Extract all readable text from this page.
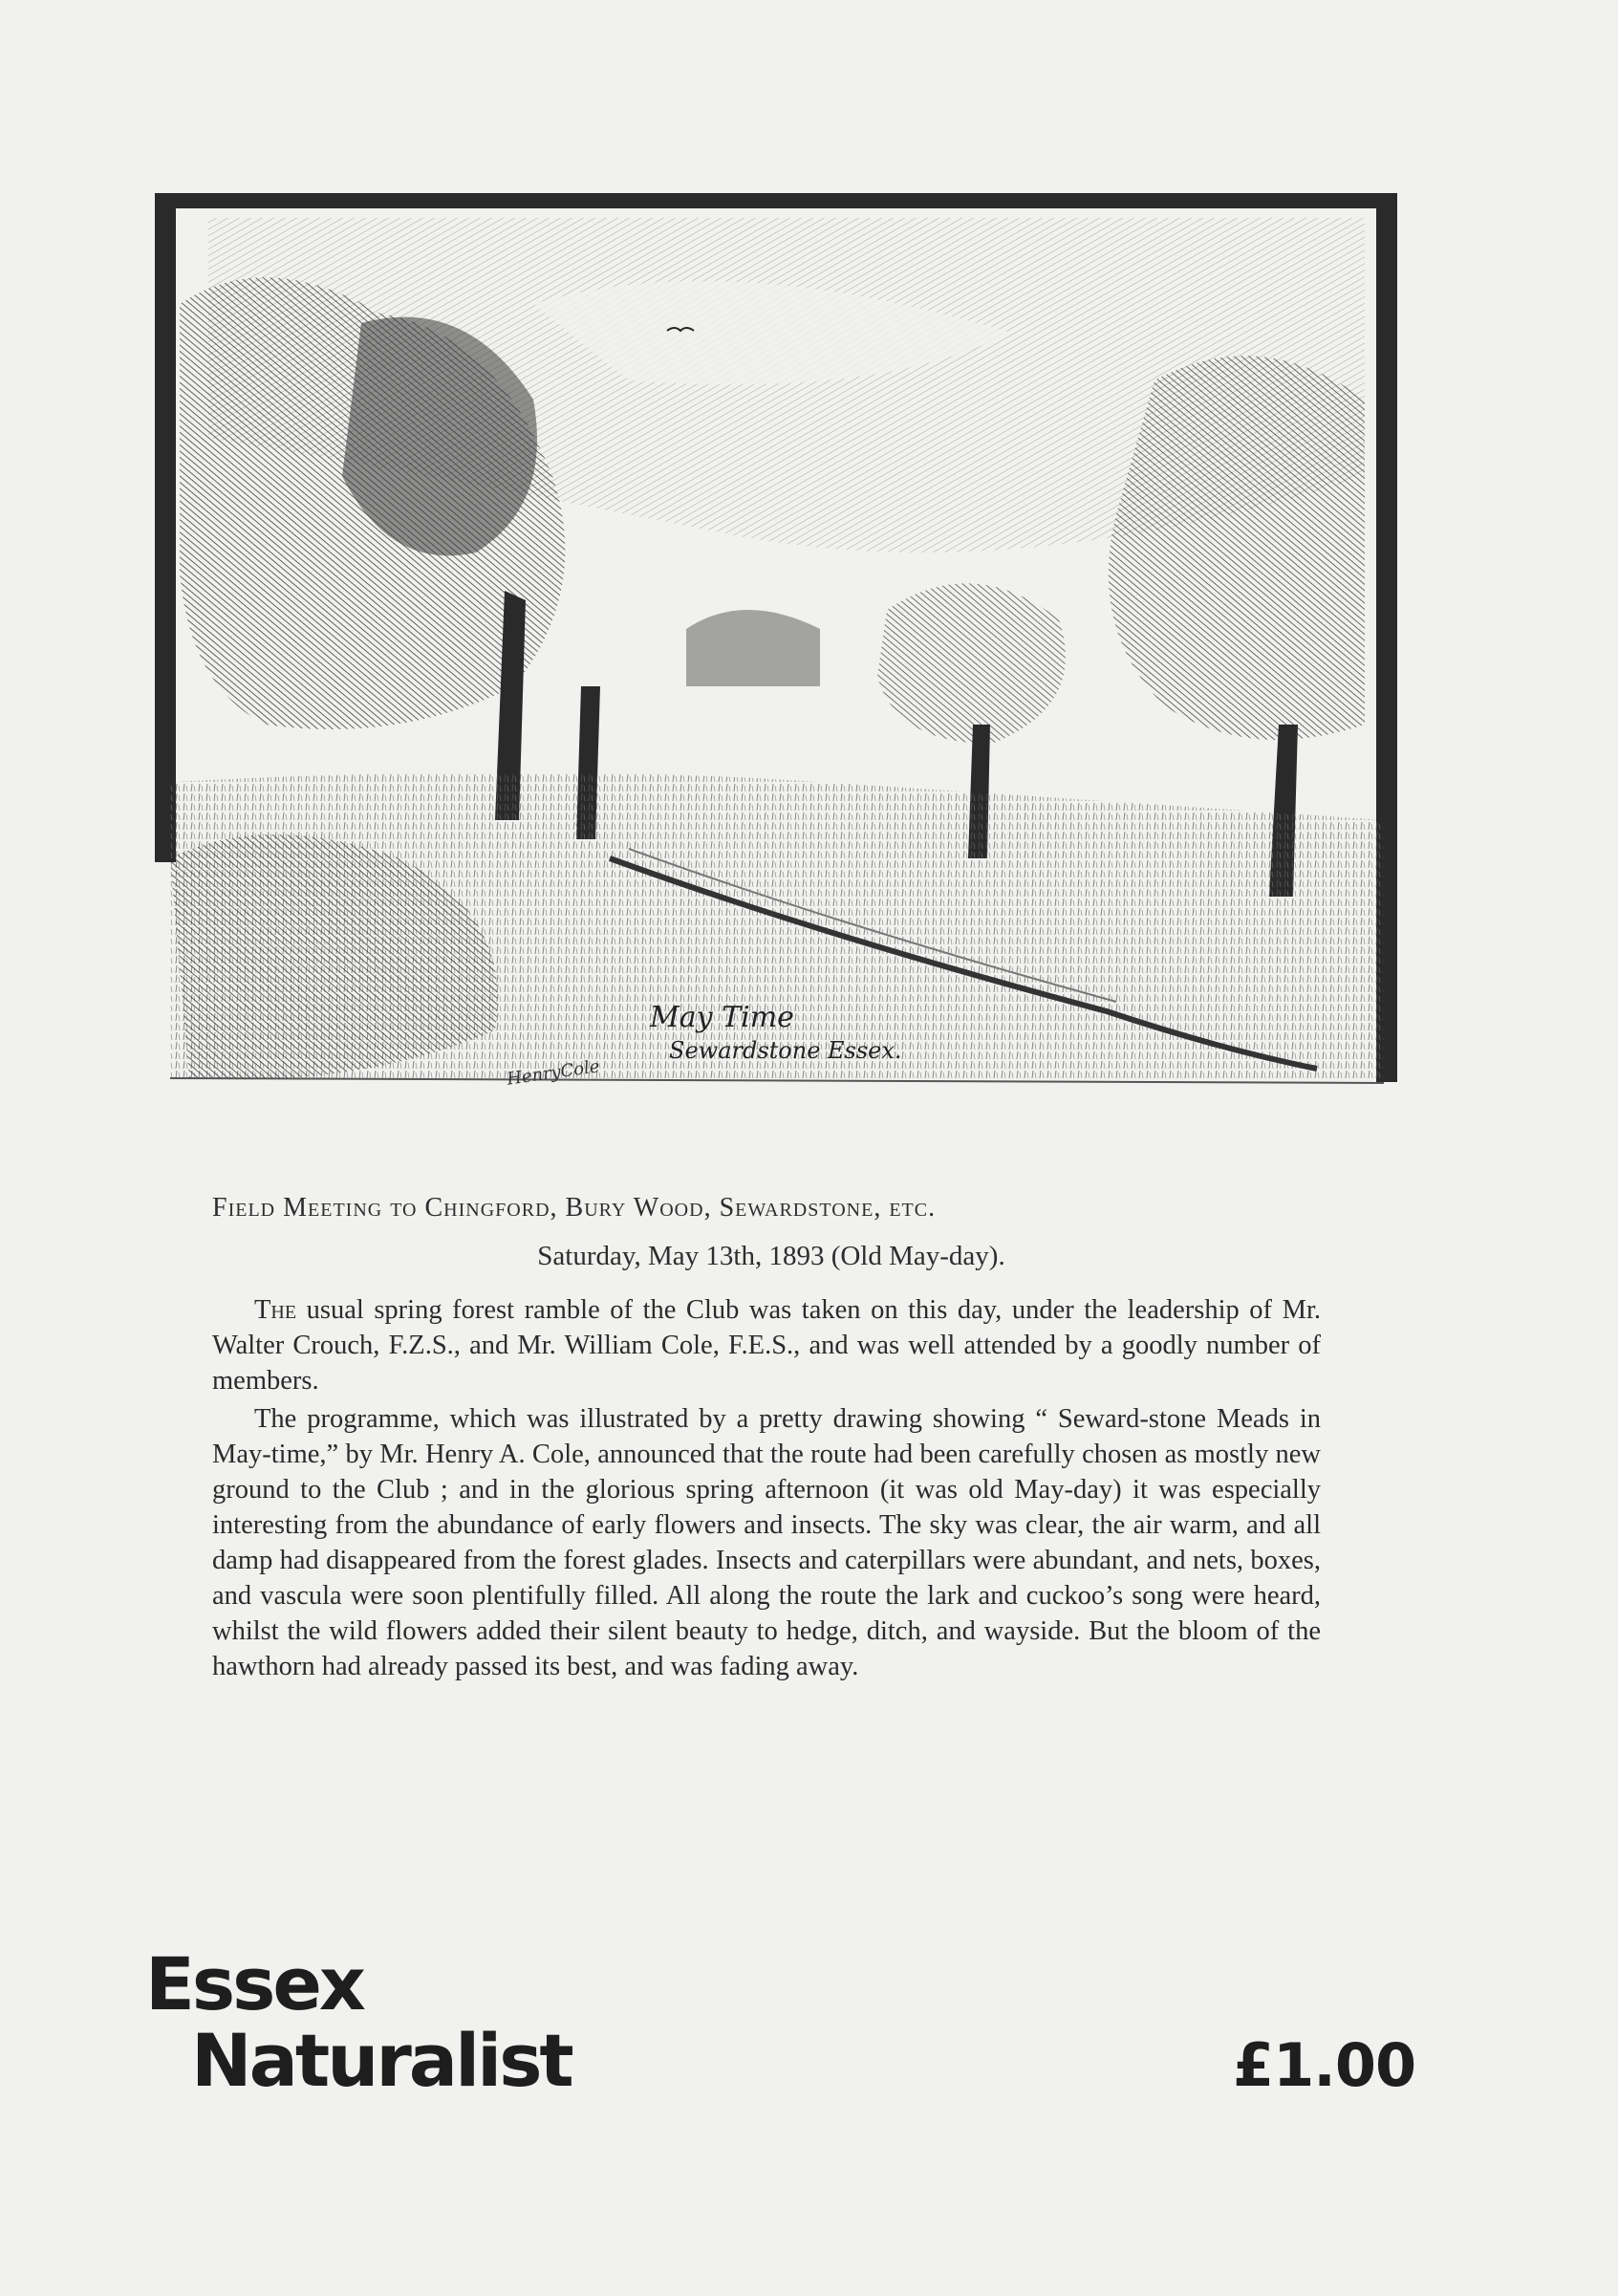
May Time
Sewardstone Essex.
HenryCole
Field Meeting to Chingford, Bury Wood, Sewardstone, etc.
Saturday, May 13th, 1893 (Old May-day).

The usual spring forest ramble of the Club was taken on this day, under the leadership of Mr. Walter Crouch, F.Z.S., and Mr. William Cole, F.E.S., and was well attended by a goodly number of members.

The programme, which was illustrated by a pretty drawing showing “ Seward-stone Meads in May-time,” by Mr. Henry A. Cole, announced that the route had been carefully chosen as mostly new ground to the Club ; and in the glorious spring afternoon (it was old May-day) it was especially interesting from the abundance of early flowers and insects. The sky was clear, the air warm, and all damp had disappeared from the forest glades. Insects and caterpillars were abundant, and nets, boxes, and vascula were soon plentifully filled. All along the route the lark and cuckoo’s song were heard, whilst the wild flowers added their silent beauty to hedge, ditch, and wayside. But the bloom of the hawthorn had already passed its best, and was fading away.

Essex
Naturalist	£1.00
